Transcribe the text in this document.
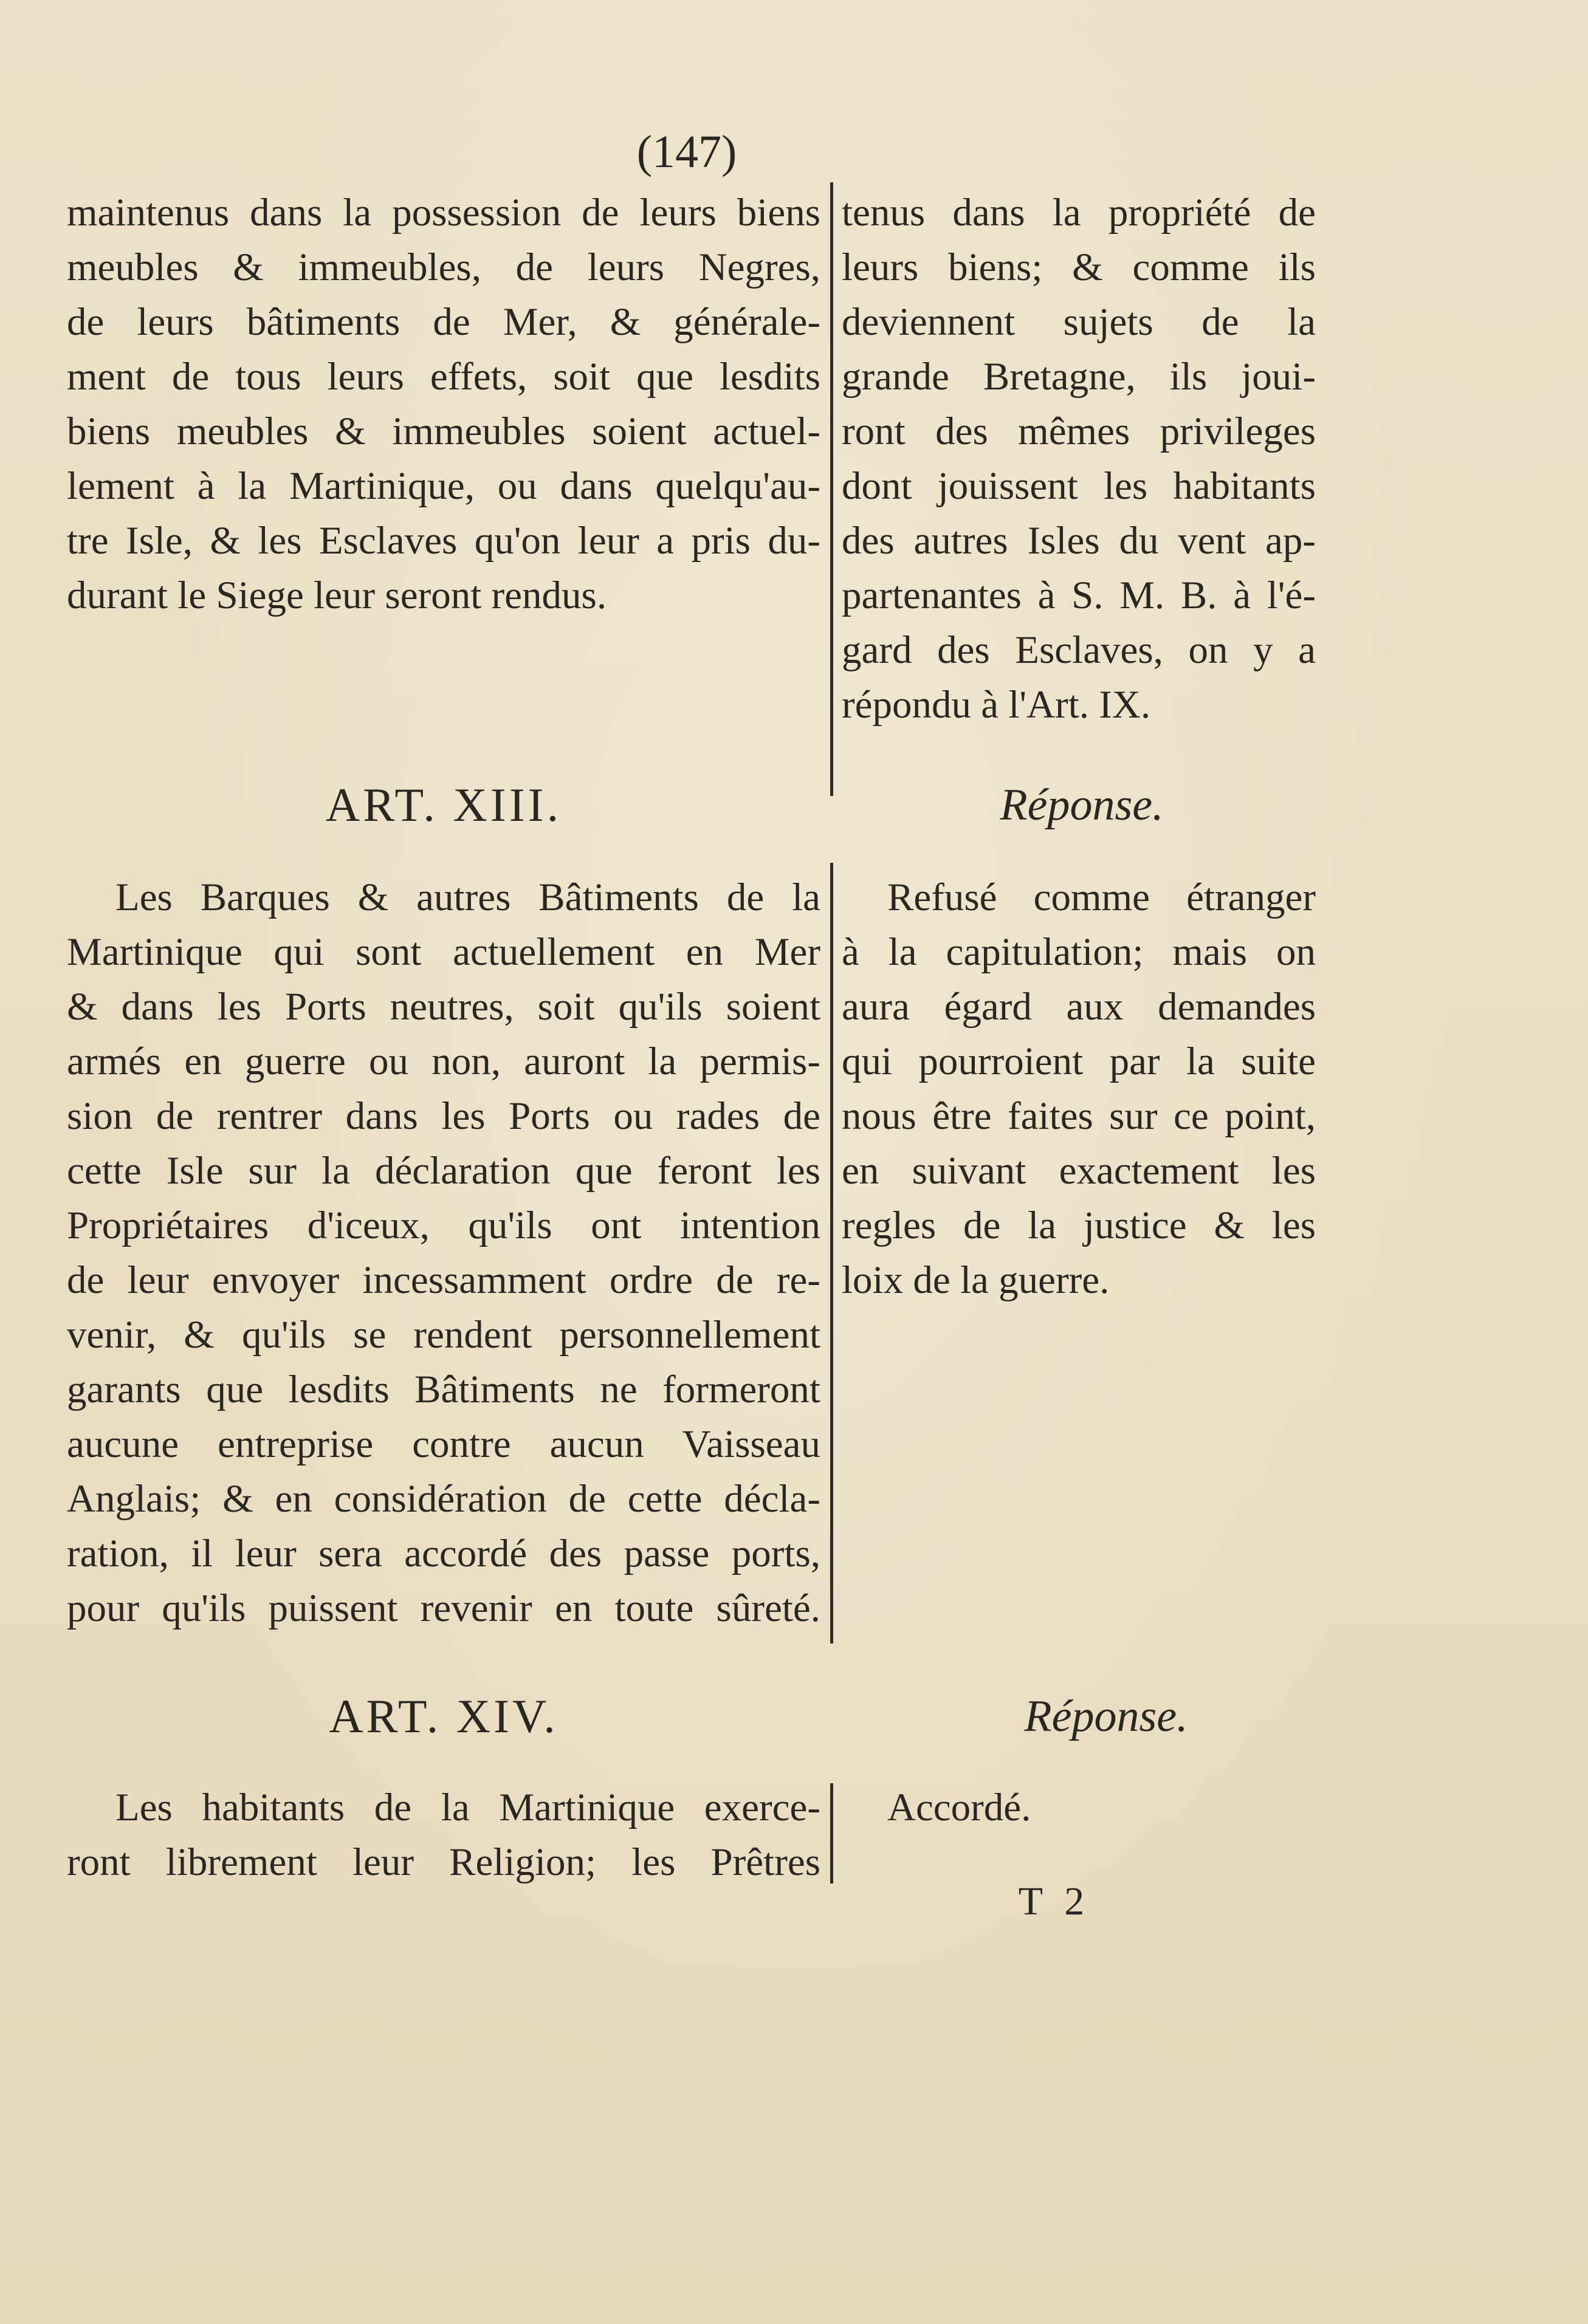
(147)
maintenus dans la possession de leurs biens
meubles & immeubles, de leurs Negres,
de leurs bâtiments de Mer, & générale-
ment de tous leurs effets, soit que lesdits
biens meubles & immeubles soient actuel-
lement à la Martinique, ou dans quelqu'au-
tre Isle, & les Esclaves qu'on leur a pris du-
durant le Siege leur seront rendus.
ART. XIII.
Les Barques & autres Bâtiments de la
Martinique qui sont actuellement en Mer
& dans les Ports neutres, soit qu'ils soient
armés en guerre ou non, auront la permis-
sion de rentrer dans les Ports ou rades de
cette Isle sur la déclaration que feront les
Propriétaires d'iceux, qu'ils ont intention
de leur envoyer incessamment ordre de re-
venir, & qu'ils se rendent personnellement
garants que lesdits Bâtiments ne formeront
aucune entreprise contre aucun Vaisseau
Anglais; & en considération de cette décla-
ration, il leur sera accordé des passe ports,
pour qu'ils puissent revenir en toute sûreté.
ART. XIV.
Les habitants de la Martinique exerce-
ront librement leur Religion; les Prêtres
tenus dans la propriété de
leurs biens; & comme ils
deviennent sujets de la
grande Bretagne, ils joui-
ront des mêmes privileges
dont jouissent les habitants
des autres Isles du vent ap-
partenantes à S. M. B. à l'é-
gard des Esclaves, on y a
répondu à l'Art. IX.
Réponse.
Refusé comme étranger
à la capitulation; mais on
aura égard aux demandes
qui pourroient par la suite
nous être faites sur ce point,
en suivant exactement les
regles de la justice & les
loix de la guerre.
Réponse.
Accordé.
T 2
